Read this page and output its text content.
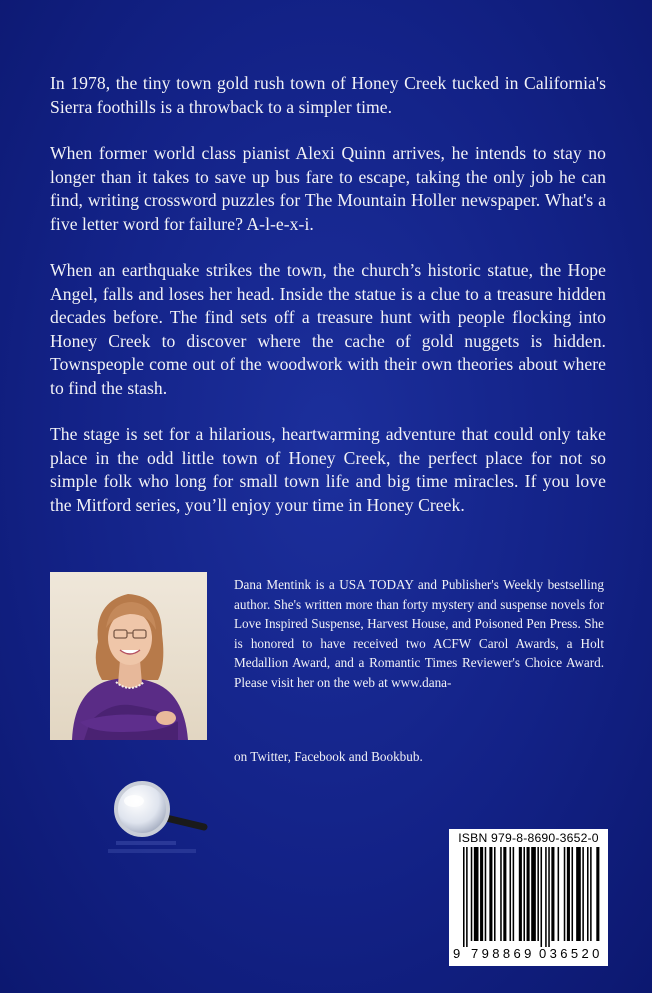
In 1978, the tiny town gold rush town of Honey Creek tucked in California's Sierra foothills is a throwback to a simpler time.

When former world class pianist Alexi Quinn arrives, he intends to stay no longer than it takes to save up bus fare to escape, taking the only job he can find, writing crossword puzzles for The Mountain Holler newspaper. What's a five letter word for failure? A-l-e-x-i.

When an earthquake strikes the town, the church’s historic statue, the Hope Angel, falls and loses her head. Inside the statue is a clue to a treasure hidden decades before. The find sets off a treasure hunt with people flocking into Honey Creek to discover where the cache of gold nuggets is hidden. Townspeople come out of the woodwork with their own theories about where to find the stash.

The stage is set for a hilarious, heartwarming adventure that could only take place in the odd little town of Honey Creek, the perfect place for not so simple folk who long for small town life and big time miracles. If you love the Mitford series, you’ll enjoy your time in Honey Creek.

Dana Mentink is a USA TODAY and Publisher's Weekly bestselling author. She's written more than forty mystery and suspense novels for Love Inspired Suspense, Harvest House, and Poisoned Pen Press. She is honored to have received two ACFW Carol Awards, a Holt Medallion Award, and a Romantic Times Reviewer's Choice Award. Please visit her on the web at www.dana-

on Twitter, Facebook and Bookbub.
ISBN 979-8-8690-3652-0
9 798869 036520
